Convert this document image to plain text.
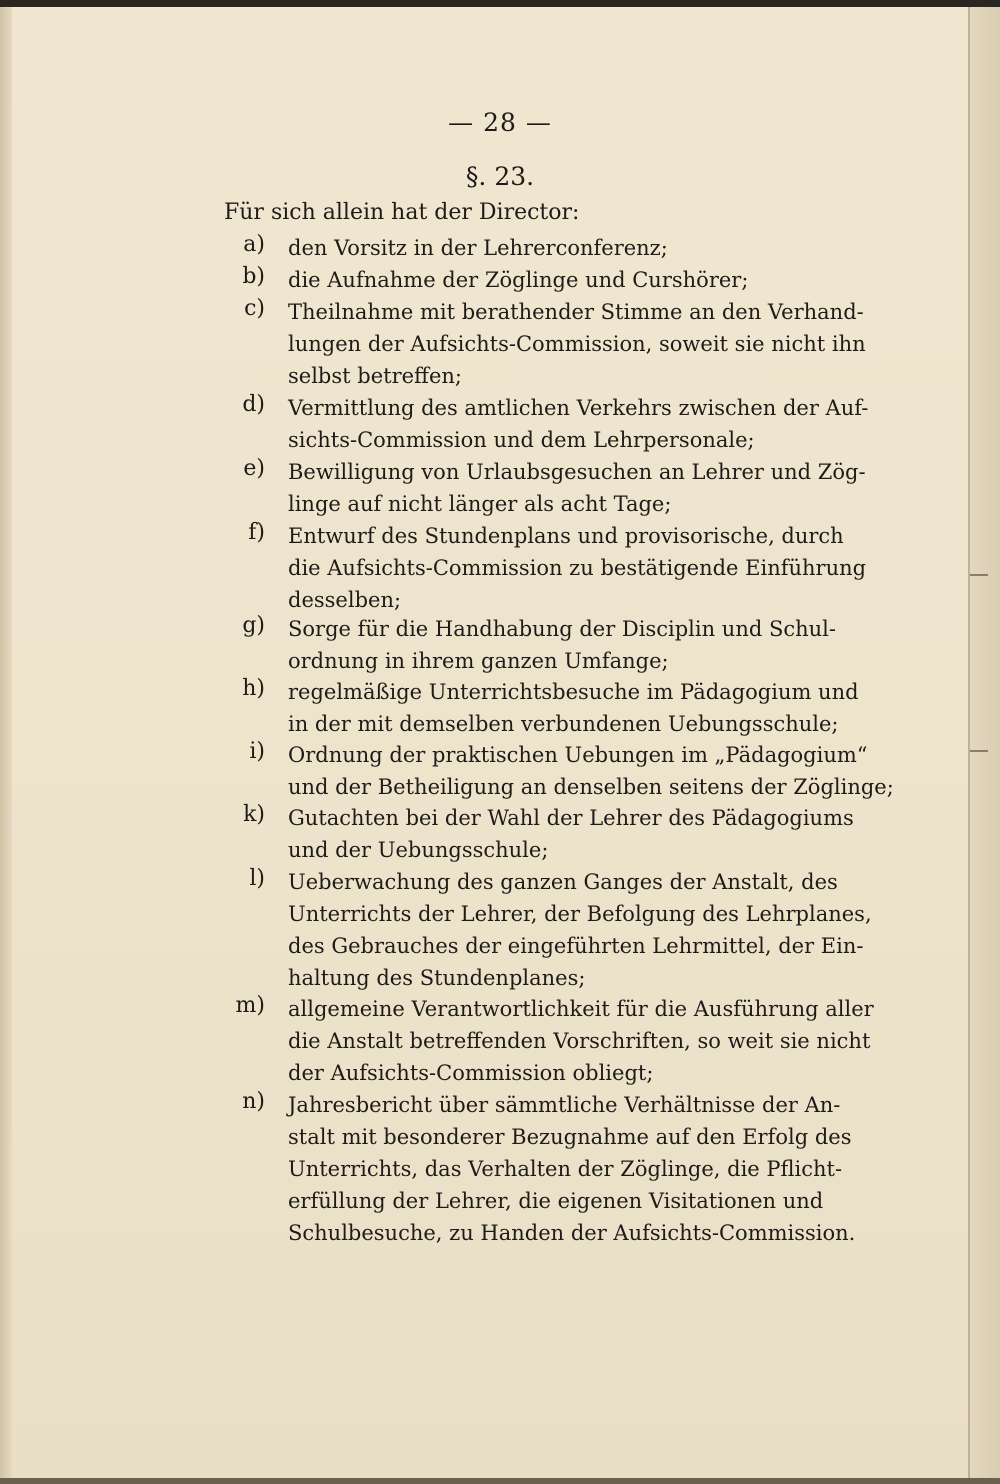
— 28 —
§. 23.
Für sich allein hat der Director:
a) den Vorsitz in der Lehrerconferenz;
b) die Aufnahme der Zöglinge und Curshörer;
c) Theilnahme mit berathender Stimme an den Verhand-
lungen der Aufsichts-Commission, soweit sie nicht ihn
selbst betreffen;
d) Vermittlung des amtlichen Verkehrs zwischen der Auf-
sichts-Commission und dem Lehrpersonale;
e) Bewilligung von Urlaubsgesuchen an Lehrer und Zög-
linge auf nicht länger als acht Tage;
f) Entwurf des Stundenplans und provisorische, durch
die Aufsichts-Commission zu bestätigende Einführung
desselben;
g) Sorge für die Handhabung der Disciplin und Schul-
ordnung in ihrem ganzen Umfange;
h) regelmäßige Unterrichtsbesuche im Pädagogium und
in der mit demselben verbundenen Uebungsschule;
i) Ordnung der praktischen Uebungen im „Pädagogium“
und der Betheiligung an denselben seitens der Zöglinge;
k) Gutachten bei der Wahl der Lehrer des Pädagogiums
und der Uebungsschule;
l) Ueberwachung des ganzen Ganges der Anstalt, des
Unterrichts der Lehrer, der Befolgung des Lehrplanes,
des Gebrauches der eingeführten Lehrmittel, der Ein-
haltung des Stundenplanes;
m) allgemeine Verantwortlichkeit für die Ausführung aller
die Anstalt betreffenden Vorschriften, so weit sie nicht
der Aufsichts-Commission obliegt;
n) Jahresbericht über sämmtliche Verhältnisse der An-
stalt mit besonderer Bezugnahme auf den Erfolg des
Unterrichts, das Verhalten der Zöglinge, die Pflicht-
erfüllung der Lehrer, die eigenen Visitationen und
Schulbesuche, zu Handen der Aufsichts-Commission.
